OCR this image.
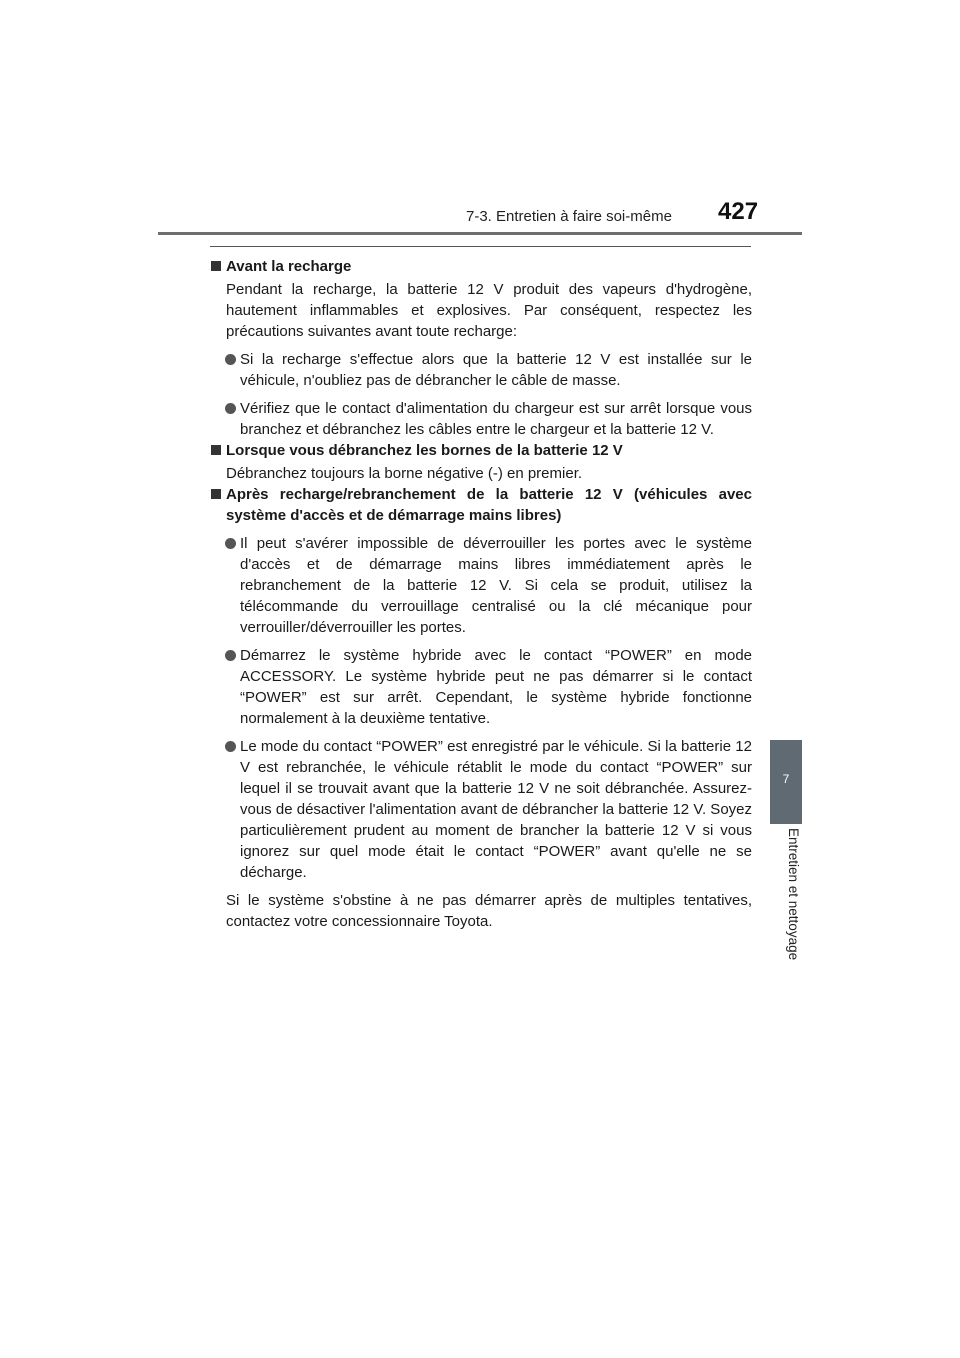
7-3. Entretien à faire soi-même 427
7
Entretien et nettoyage
Avant la recharge
Pendant la recharge, la batterie 12 V produit des vapeurs d'hydrogène, hautement inflammables et explosives. Par conséquent, respectez les précautions suivantes avant toute recharge:
Si la recharge s'effectue alors que la batterie 12 V est installée sur le véhicule, n'oubliez pas de débrancher le câble de masse.
Vérifiez que le contact d'alimentation du chargeur est sur arrêt lorsque vous branchez et débranchez les câbles entre le chargeur et la batterie 12 V.
Lorsque vous débranchez les bornes de la batterie 12 V
Débranchez toujours la borne négative (-) en premier.
Après recharge/rebranchement de la batterie 12 V (véhicules avec système d'accès et de démarrage mains libres)
Il peut s'avérer impossible de déverrouiller les portes avec le système d'accès et de démarrage mains libres immédiatement après le rebranchement de la batterie 12 V. Si cela se produit, utilisez la télécommande du verrouillage centralisé ou la clé mécanique pour verrouiller/déverrouiller les portes.
Démarrez le système hybride avec le contact “POWER” en mode ACCESSORY. Le système hybride peut ne pas démarrer si le contact “POWER” est sur arrêt. Cependant, le système hybride fonctionne normalement à la deuxième tentative.
Le mode du contact “POWER” est enregistré par le véhicule. Si la batterie 12 V est rebranchée, le véhicule rétablit le mode du contact “POWER” sur lequel il se trouvait avant que la batterie 12 V ne soit débranchée. Assurez-vous de désactiver l'alimentation avant de débrancher la batterie 12 V. Soyez particulièrement prudent au moment de brancher la batterie 12 V si vous ignorez sur quel mode était le contact “POWER” avant qu'elle ne se décharge.
Si le système s'obstine à ne pas démarrer après de multiples tentatives, contactez votre concessionnaire Toyota.
